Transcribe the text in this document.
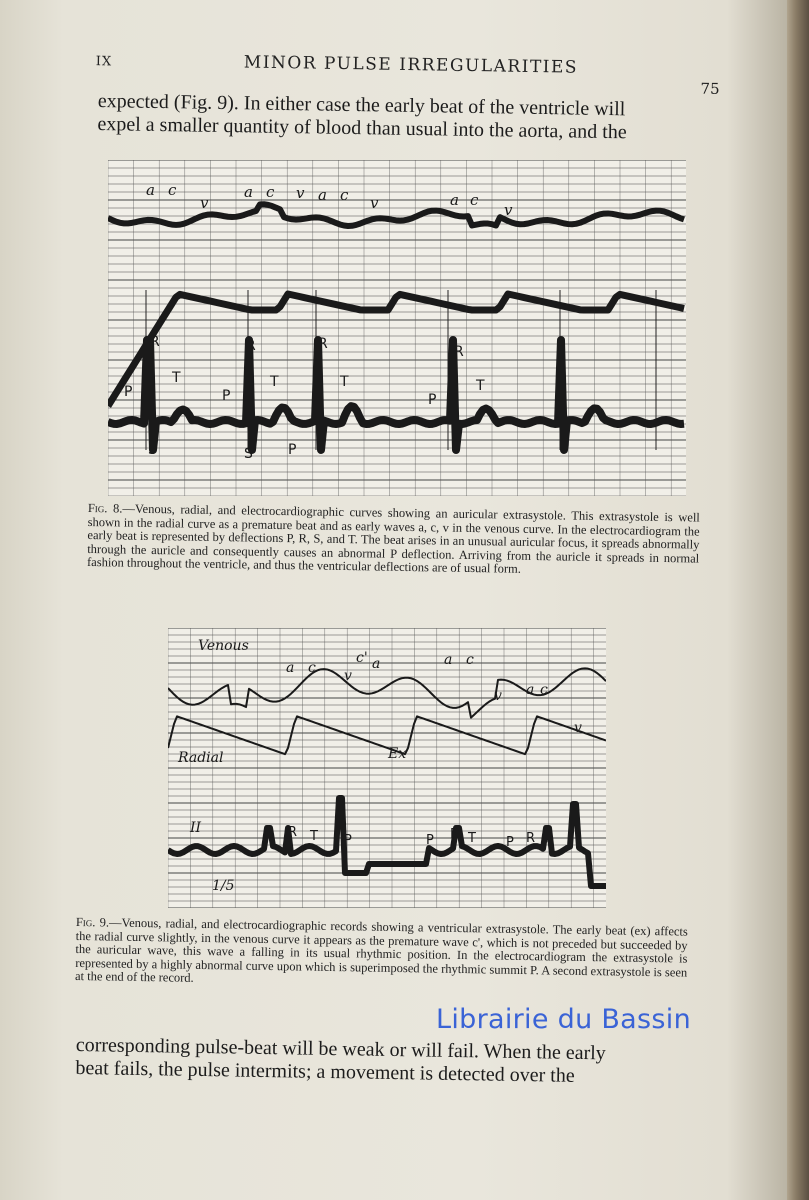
IX	MINOR PULSE IRREGULARITIES
75

expected (Fig. 9). In either case the early beat of the ventricle will

expel a smaller quantity of blood than usual into the aorta, and the

a c
v
a c v a c v	a c
v
R	R	R	R
T	T	T	T
P	P	P
P
S	S
Fig. 8.—Venous, radial, and electrocardiographic curves showing an auricular extrasystole. This extrasystole is well shown in the radial curve as a premature beat and as early waves a, c, v in the venous curve. In the electrocardiogram the early beat is represented by deflections P, R, S, and T. The beat arises in an unusual auricular focus, it spreads abnormally through the auricle and consequently causes an abnormal P deflection. Arriving from the auricle it spreads in normal fashion throughout the ventricle, and thus the ventricular deflections are of usual form.
Venous
Radial	Ex
II
1/5
a c v
c' a	a c
v a c
v
P R T P	P R T P R T
Fig. 9.—Venous, radial, and electrocardiographic records showing a ventricular extrasystole. The early beat (ex) affects the radial curve slightly, in the venous curve it appears as the premature wave c', which is not preceded but succeeded by the auricular wave, this wave a falling in its usual rhythmic position. In the electrocardiogram the extrasystole is represented by a highly abnormal curve upon which is superimposed the rhythmic summit P. A second extrasystole is seen at the end of the record.

corresponding pulse-beat will be weak or will fail. When the early

beat fails, the pulse intermits; a movement is detected over the

Librairie du Bassin
